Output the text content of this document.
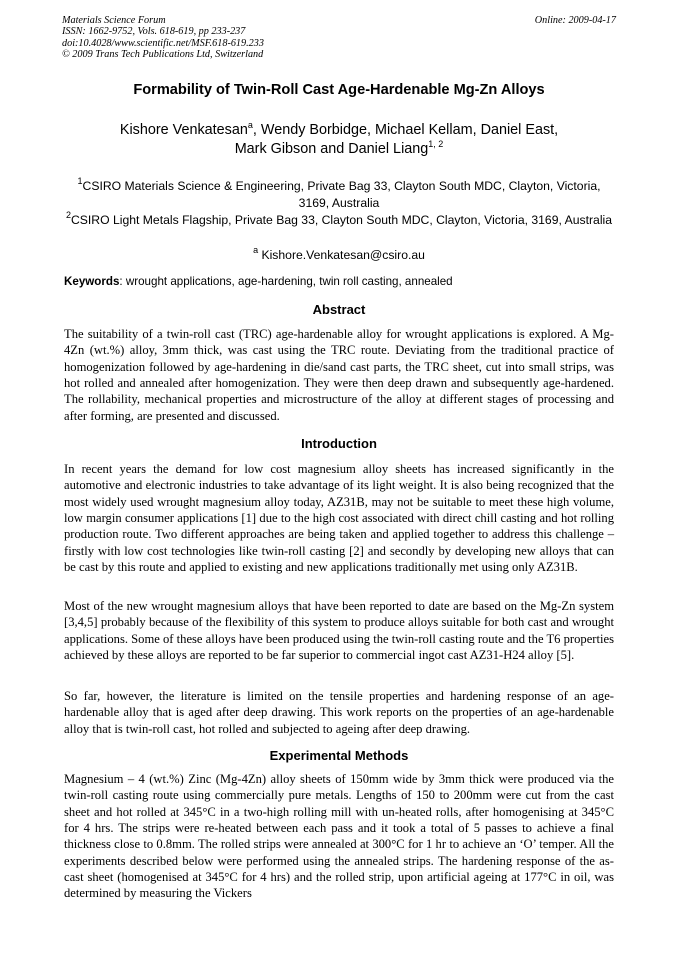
Materials Science Forum
ISSN: 1662-9752, Vols. 618-619, pp 233-237
doi:10.4028/www.scientific.net/MSF.618-619.233
© 2009 Trans Tech Publications Ltd, Switzerland
Online: 2009-04-17
Formability of Twin-Roll Cast Age-Hardenable Mg-Zn Alloys
Kishore Venkatesan$^a$, Wendy Borbidge, Michael Kellam, Daniel East,
Mark Gibson and Daniel Liang$^{1, 2}$
$^1$CSIRO Materials Science & Engineering, Private Bag 33, Clayton South MDC, Clayton, Victoria, 3169, Australia
$^2$CSIRO Light Metals Flagship, Private Bag 33, Clayton South MDC, Clayton, Victoria, 3169, Australia
$^a$ Kishore.Venkatesan@csiro.au
Keywords: wrought applications, age-hardening, twin roll casting, annealed
Abstract

The suitability of a twin-roll cast (TRC) age-hardenable alloy for wrought applications is explored. A Mg-4Zn (wt.%) alloy, 3mm thick, was cast using the TRC route. Deviating from the traditional practice of homogenization followed by age-hardening in die/sand cast parts, the TRC sheet, cut into small strips, was hot rolled and annealed after homogenization. They were then deep drawn and subsequently age-hardened. The rollability, mechanical properties and microstructure of the alloy at different stages of processing and after forming, are presented and discussed.

Introduction

In recent years the demand for low cost magnesium alloy sheets has increased significantly in the automotive and electronic industries to take advantage of its light weight. It is also being recognized that the most widely used wrought magnesium alloy today, AZ31B, may not be suitable to meet these high volume, low margin consumer applications [1] due to the high cost associated with direct chill casting and hot rolling production route. Two different approaches are being taken and applied together to address this challenge – firstly with low cost technologies like twin-roll casting [2] and secondly by developing new alloys that can be cast by this route and applied to existing and new applications traditionally met using only AZ31B.

Most of the new wrought magnesium alloys that have been reported to date are based on the Mg-Zn system [3,4,5] probably because of the flexibility of this system to produce alloys suitable for both cast and wrought applications. Some of these alloys have been produced using the twin-roll casting route and the T6 properties achieved by these alloys are reported to be far superior to commercial ingot cast AZ31-H24 alloy [5].

So far, however, the literature is limited on the tensile properties and hardening response of an age-hardenable alloy that is aged after deep drawing. This work reports on the properties of an age-hardenable alloy that is twin-roll cast, hot rolled and subjected to ageing after deep drawing.

Experimental Methods

Magnesium – 4 (wt.%) Zinc (Mg-4Zn) alloy sheets of 150mm wide by 3mm thick were produced via the twin-roll casting route using commercially pure metals. Lengths of 150 to 200mm were cut from the cast sheet and hot rolled at 345°C in a two-high rolling mill with un-heated rolls, after homogenising at 345°C for 4 hrs. The strips were re-heated between each pass and it took a total of 5 passes to achieve a final thickness close to 0.8mm. The rolled strips were annealed at 300°C for 1 hr to achieve an ‘O’ temper. All the experiments described below were performed using the annealed strips. The hardening response of the as-cast sheet (homogenised at 345°C for 4 hrs) and the rolled strip, upon artificial ageing at 177°C in oil, was determined by measuring the Vickers
